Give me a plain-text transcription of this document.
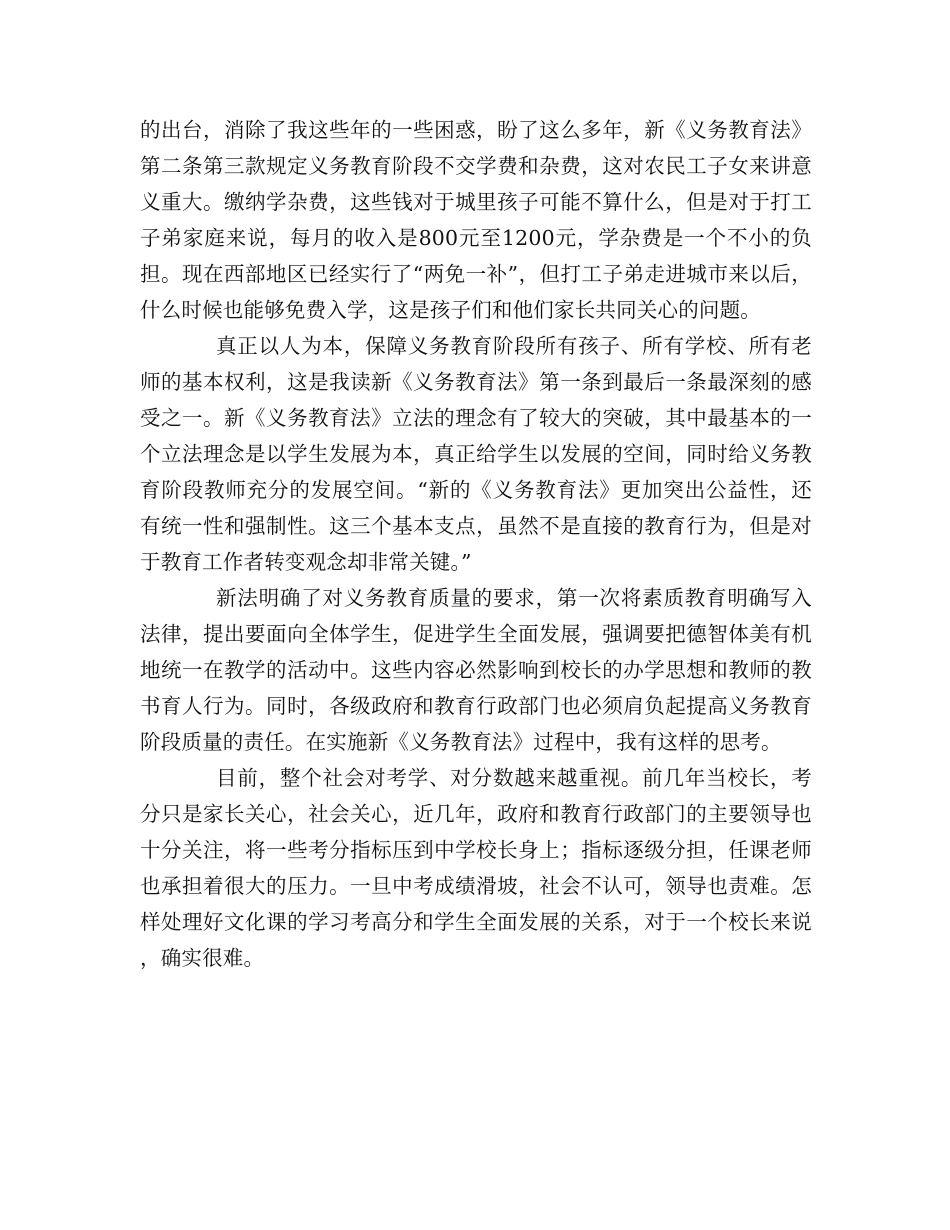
的出台，消除了我这些年的一些困惑，盼了这么多年，新《义务教育法》第二条第三款规定义务教育阶段不交学费和杂费，这对农民工子女来讲意义重大。缴纳学杂费，这些钱对于城里孩子可能不算什么，但是对于打工子弟家庭来说，每月的收入是800元至1200元，学杂费是一个不小的负担。现在西部地区已经实行了“两免一补”，但打工子弟走进城市来以后，什么时候也能够免费入学，这是孩子们和他们家长共同关心的问题。

真正以人为本，保障义务教育阶段所有孩子、所有学校、所有老师的基本权利，这是我读新《义务教育法》第一条到最后一条最深刻的感受之一。新《义务教育法》立法的理念有了较大的突破，其中最基本的一个立法理念是以学生发展为本，真正给学生以发展的空间，同时给义务教育阶段教师充分的发展空间。“新的《义务教育法》更加突出公益性，还有统一性和强制性。这三个基本支点，虽然不是直接的教育行为，但是对于教育工作者转变观念却非常关键。”

新法明确了对义务教育质量的要求，第一次将素质教育明确写入法律，提出要面向全体学生，促进学生全面发展，强调要把德智体美有机地统一在教学的活动中。这些内容必然影响到校长的办学思想和教师的教书育人行为。同时，各级政府和教育行政部门也必须肩负起提高义务教育阶段质量的责任。在实施新《义务教育法》过程中，我有这样的思考。

目前，整个社会对考学、对分数越来越重视。前几年当校长，考分只是家长关心，社会关心，近几年，政府和教育行政部门的主要领导也十分关注，将一些考分指标压到中学校长身上；指标逐级分担，任课老师也承担着很大的压力。一旦中考成绩滑坡，社会不认可，领导也责难。怎样处理好文化课的学习考高分和学生全面发展的关系，对于一个校长来说，确实很难。
